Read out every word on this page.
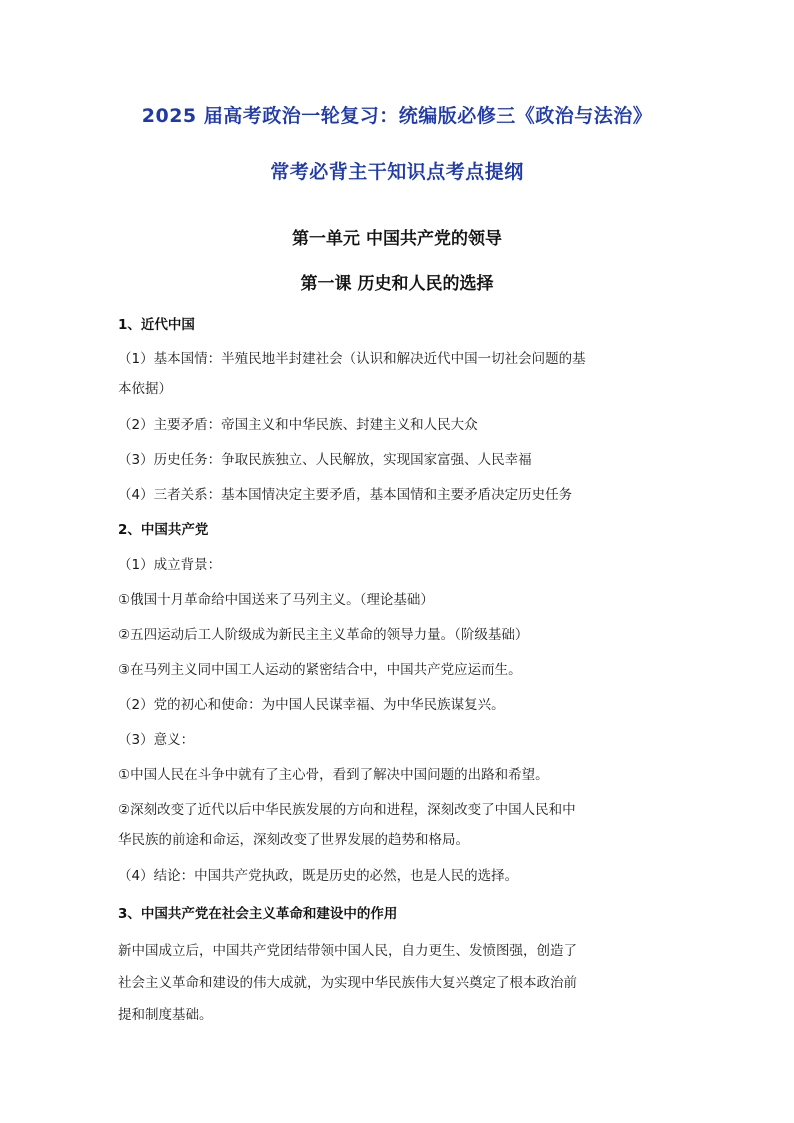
2025 届高考政治一轮复习：统编版必修三《政治与法治》
常考必背主干知识点考点提纲
第一单元 中国共产党的领导
第一课 历史和人民的选择
1、近代中国
（1）基本国情：半殖民地半封建社会（认识和解决近代中国一切社会问题的基
本依据）
（2）主要矛盾：帝国主义和中华民族、封建主义和人民大众
（3）历史任务：争取民族独立、人民解放，实现国家富强、人民幸福
（4）三者关系：基本国情决定主要矛盾，基本国情和主要矛盾决定历史任务
2、中国共产党
（1）成立背景：
①俄国十月革命给中国送来了马列主义。（理论基础）
②五四运动后工人阶级成为新民主主义革命的领导力量。（阶级基础）
③在马列主义同中国工人运动的紧密结合中，中国共产党应运而生。
（2）党的初心和使命：为中国人民谋幸福、为中华民族谋复兴。
（3）意义：
①中国人民在斗争中就有了主心骨，看到了解决中国问题的出路和希望。
②深刻改变了近代以后中华民族发展的方向和进程，深刻改变了中国人民和中
华民族的前途和命运，深刻改变了世界发展的趋势和格局。
（4）结论：中国共产党执政，既是历史的必然，也是人民的选择。
3、中国共产党在社会主义革命和建设中的作用
新中国成立后，中国共产党团结带领中国人民，自力更生、发愤图强，创造了
社会主义革命和建设的伟大成就，为实现中华民族伟大复兴奠定了根本政治前
提和制度基础。
